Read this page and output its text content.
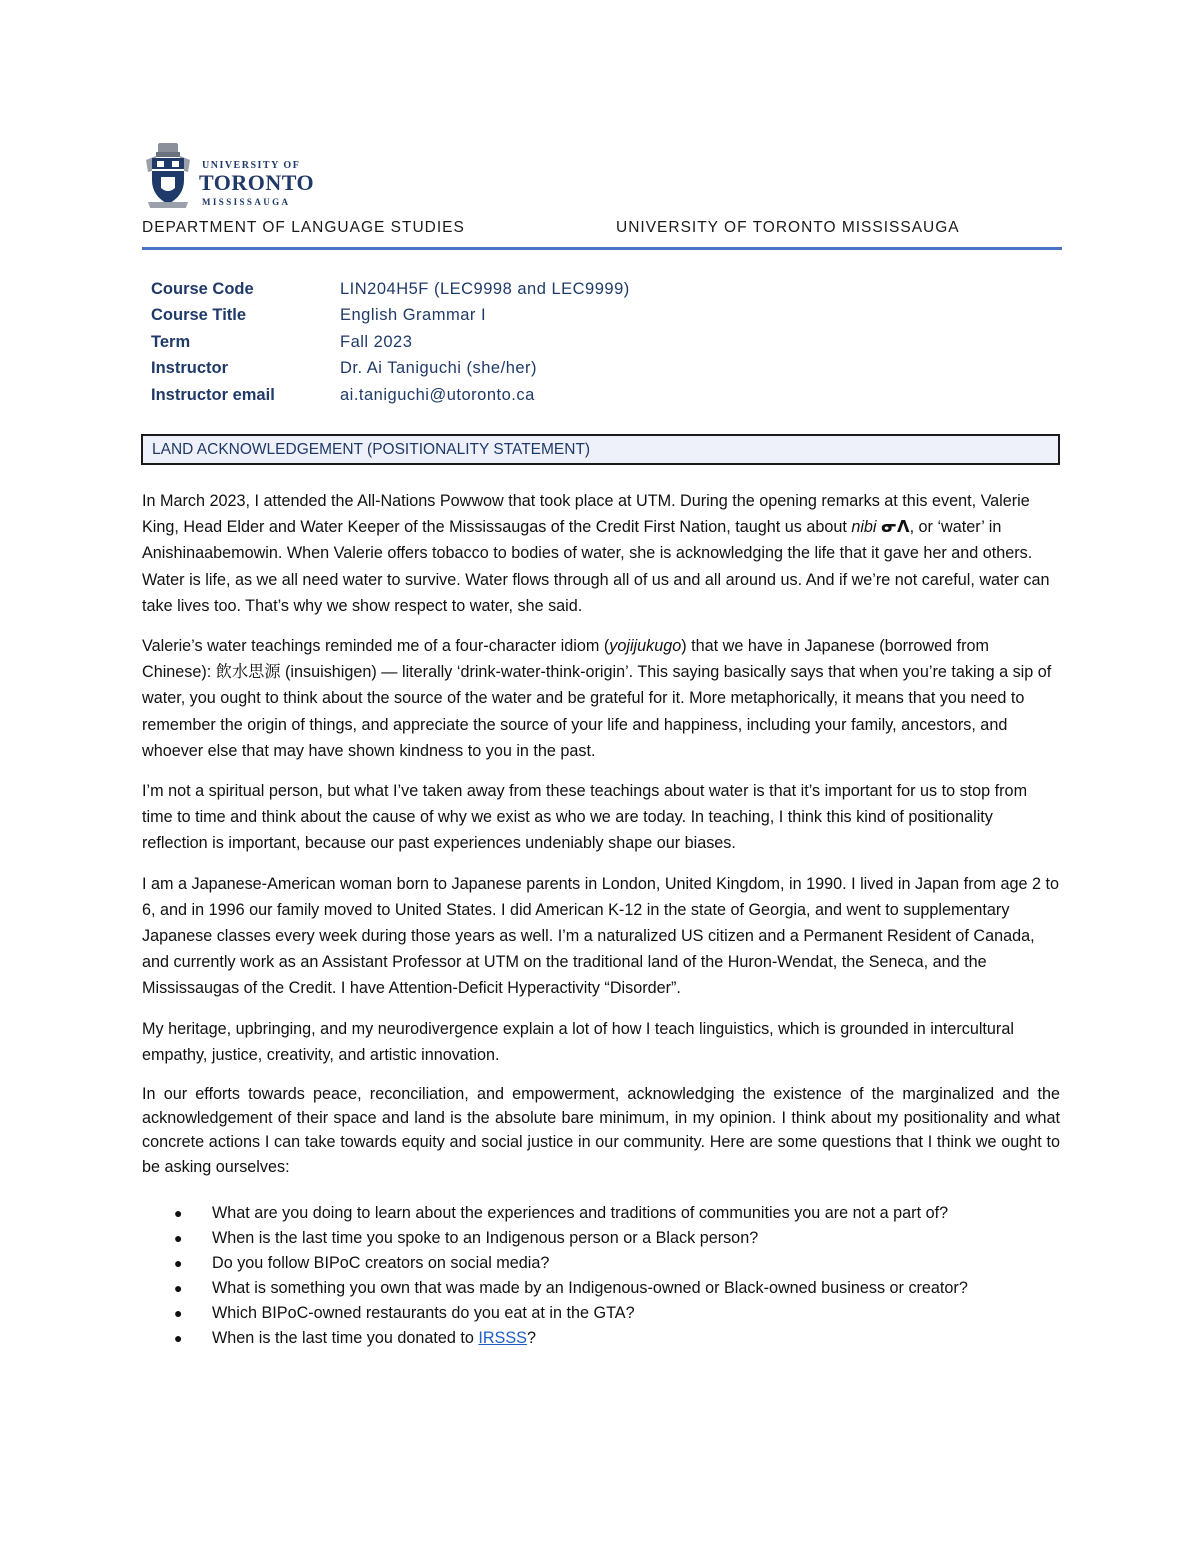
UNIVERSITY OF
TORONTO
MISSISSAUGA
DEPARTMENT OF LANGUAGE STUDIES	UNIVERSITY OF TORONTO MISSISSAUGA
Course Code	LIN204H5F (LEC9998 and LEC9999)
Course Title	English Grammar I
Term	Fall 2023
Instructor	Dr. Ai Taniguchi (she/her)
Instructor email	ai.taniguchi@utoronto.ca
LAND ACKNOWLEDGEMENT (POSITIONALITY STATEMENT)

In March 2023, I attended the All-Nations Powwow that took place at UTM. During the opening remarks at this event, Valerie King, Head Elder and Water Keeper of the Mississaugas of the Credit First Nation, taught us about nibi ᓂᐱ, or ‘water’ in Anishinaabemowin. When Valerie offers tobacco to bodies of water, she is acknowledging the life that it gave her and others. Water is life, as we all need water to survive. Water flows through all of us and all around us. And if we’re not careful, water can take lives too. That’s why we show respect to water, she said.

Valerie’s water teachings reminded me of a four-character idiom (yojijukugo) that we have in Japanese (borrowed from Chinese): 飲水思源 (insuishigen) — literally ‘drink-water-think-origin’. This saying basically says that when you’re taking a sip of water, you ought to think about the source of the water and be grateful for it. More metaphorically, it means that you need to remember the origin of things, and appreciate the source of your life and happiness, including your family, ancestors, and whoever else that may have shown kindness to you in the past.

I’m not a spiritual person, but what I’ve taken away from these teachings about water is that it’s important for us to stop from time to time and think about the cause of why we exist as who we are today. In teaching, I think this kind of positionality reflection is important, because our past experiences undeniably shape our biases.

I am a Japanese-American woman born to Japanese parents in London, United Kingdom, in 1990. I lived in Japan from age 2 to 6, and in 1996 our family moved to United States. I did American K-12 in the state of Georgia, and went to supplementary Japanese classes every week during those years as well. I’m a naturalized US citizen and a Permanent Resident of Canada, and currently work as an Assistant Professor at UTM on the traditional land of the Huron-Wendat, the Seneca, and the Mississaugas of the Credit. I have Attention-Deficit Hyperactivity “Disorder”.

My heritage, upbringing, and my neurodivergence explain a lot of how I teach linguistics, which is grounded in intercultural empathy, justice, creativity, and artistic innovation.

In our efforts towards peace, reconciliation, and empowerment, acknowledging the existence of the marginalized and the acknowledgement of their space and land is the absolute bare minimum, in my opinion. I think about my positionality and what concrete actions I can take towards equity and social justice in our community. Here are some questions that I think we ought to be asking ourselves:

● What are you doing to learn about the experiences and traditions of communities you are not a part of?
● When is the last time you spoke to an Indigenous person or a Black person?
● Do you follow BIPoC creators on social media?
● What is something you own that was made by an Indigenous-owned or Black-owned business or creator?
● Which BIPoC-owned restaurants do you eat at in the GTA?
● When is the last time you donated to IRSSS?
